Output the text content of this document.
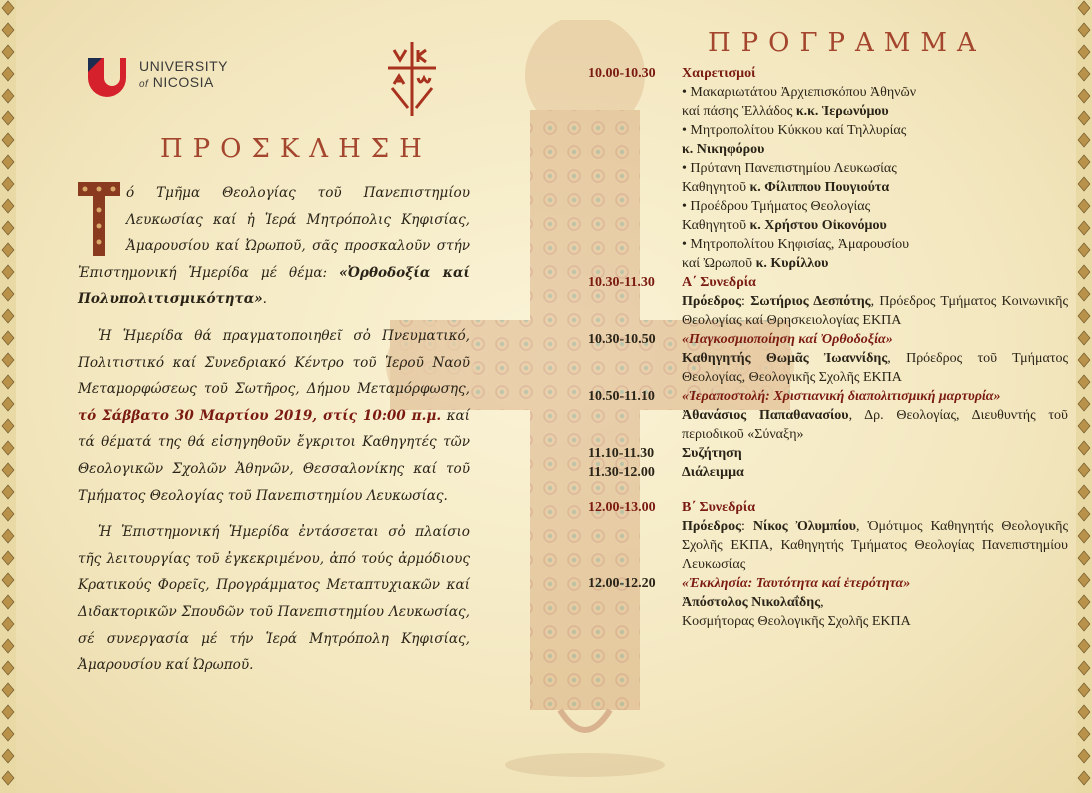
UNIVERSITY
of NICOSIA
ΠΡΟΣΚΛΗΣΗ

ό Τμῆμα Θεολογίας τοῦ Πανεπιστημίου Λευκωσίας καί ἡ Ἱερά Μητρόπολις Κηφισίας, Ἀμαρουσίου καί Ὠρωποῦ, σᾶς προσκαλοῦν στήν Ἐπιστημονική Ἡμερίδα μέ θέμα: «Ὀρθοδοξία καί Πολυπολιτισμικότητα».

Ἡ Ἡμερίδα θά πραγματοποιηθεῖ σὀ Πνευματικό, Πολιτιστικό καί Συνεδριακό Κέντρο τοῦ Ἱεροῦ Ναοῦ Μεταμορφώσεως τοῦ Σωτῆρος, Δήμου Μεταμόρφωσης, τό Σάββατο 30 Μαρτίου 2019, στίς 10:00 π.μ. καί τά θέματά της θά εἰσηγηθοῦν ἔγκριτοι Καθηγητές τῶν Θεολογικῶν Σχολῶν Ἀθηνῶν, Θεσσαλονίκης καί τοῦ Τμήματος Θεολογίας τοῦ Πανεπιστημίου Λευκωσίας.

Ἡ Ἐπιστημονική Ἡμερίδα ἐντάσσεται σὀ πλαίσιο τῆς λειτουργίας τοῦ ἐγκεκριμένου, ἀπό τούς ἁρμόδιους Κρατικούς Φορεῖς, Προγράμματος Μεταπτυχιακῶν καί Διδακτορικῶν Σπουδῶν τοῦ Πανεπιστημίου Λευκωσίας, σέ συνεργασία μέ τήν Ἱερά Μητρόπολη Κηφισίας, Ἀμαρουσίου καί Ὠρωποῦ.

ΠΡΟΓΡΑΜΜΑ
10.00-10.30	Χαιρετισμοί
• Μακαριωτάτου Ἀρχιεπισκόπου Ἀθηνῶν
καί πάσης Ἑλλάδος κ.κ. Ἱερωνύμου
• Μητροπολίτου Κύκκου καί Τηλλυρίας
κ. Νικηφόρου
• Πρύτανη Πανεπιστημίου Λευκωσίας
Καθηγητοῦ κ. Φίλιππου Πουγιούτα
• Προέδρου Τμήματος Θεολογίας
Καθηγητοῦ κ. Χρήστου Οἰκονόμου
• Μητροπολίτου Κηφισίας, Ἀμαρουσίου
καί Ὠρωποῦ κ. Κυρίλλου
10.30-11.30	Α΄ Συνεδρία
Πρόεδρος: Σωτήριος Δεσπότης, Πρόεδρος Τμήματος Κοινωνικῆς Θεολογίας καί Θρησκειολογίας ΕΚΠΑ
10.30-10.50	«Παγκοσμιοποίηση καί Ὀρθοδοξία»
Καθηγητής Θωμᾶς Ἰωαννίδης, Πρόεδρος τοῦ Τμήματος Θεολογίας, Θεολογικῆς Σχολῆς ΕΚΠΑ
10.50-11.10	«Ἱεραποστολή: Χριστιανική διαπολιτισμική μαρτυρία»
Ἀθανάσιος Παπαθανασίου, Δρ. Θεολογίας, Διευθυντής τοῦ περιοδικοῦ «Σύναξη»
11.10-11.30	Συζήτηση
11.30-12.00	Διάλειμμα
12.00-13.00	Β΄ Συνεδρία
Πρόεδρος: Νίκος Ὀλυμπίου, Ὁμότιμος Καθηγητής Θεολογικῆς Σχολῆς ΕΚΠΑ, Καθηγητής Τμήματος Θεολογίας Πανεπιστημίου Λευκωσίας
12.00-12.20	«Ἐκκλησία: Ταυτότητα καί ἑτερότητα»
Ἀπόστολος Νικολαΐδης,
Κοσμήτορας Θεολογικῆς Σχολῆς ΕΚΠΑ
